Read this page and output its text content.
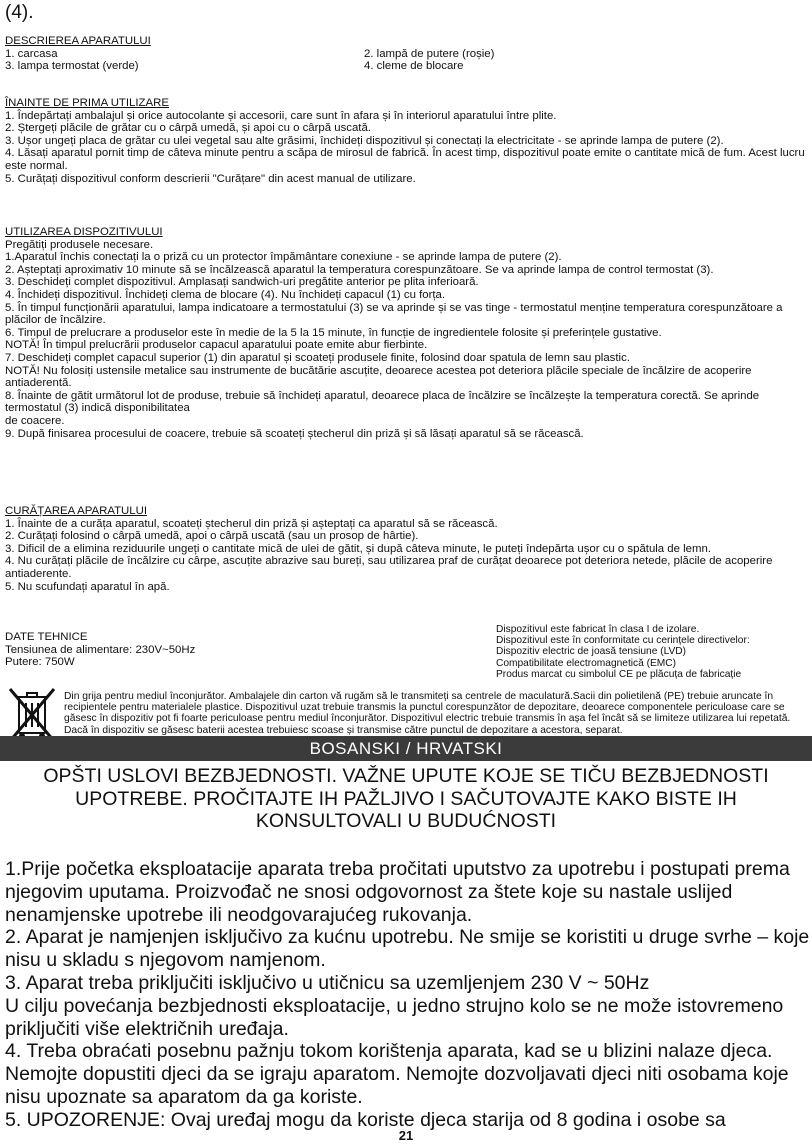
(4).

DESCRIEREA APARATULUI

1. carcasa	2. lampă de putere (roșie)
3. lampa termostat (verde)	4. cleme de blocare

ÎNAINTE DE PRIMA UTILIZARE

1. Îndepărtați ambalajul și orice autocolante și accesorii, care sunt în afara și în interiorul aparatului între plite.

2. Ștergeți plăcile de grătar cu o cârpă umedă, și apoi cu o cârpă uscată.

3. Ușor ungeți placa de grătar cu ulei vegetal sau alte grăsimi, închideți dispozitivul și conectați la electricitate - se aprinde lampa de putere (2).

4. Lăsați aparatul pornit timp de câteva minute pentru a scăpa de mirosul de fabrică. În acest timp, dispozitivul poate emite o cantitate mică de fum. Acest lucru este normal.

5. Curățați dispozitivul conform descrierii "Curățare" din acest manual de utilizare.

UTILIZAREA DISPOZITIVULUI

Pregătiți produsele necesare.

1.Aparatul închis conectați la o priză cu un protector împământare conexiune - se aprinde lampa de putere (2).

2. Așteptați aproximativ 10 minute să se încălzească aparatul la temperatura corespunzătoare. Se va aprinde lampa de control termostat (3).

3. Deschideți complet dispozitivul. Amplasați sandwich-uri pregătite anterior pe plita inferioară.

4. Închideți dispozitivul. Închideți clema de blocare (4). Nu închideți capacul (1) cu forța.

5. În timpul funcționării aparatului, lampa indicatoare a termostatului (3) se va aprinde și se vas tinge - termostatul menține temperatura corespunzătoare a plăcilor de încălzire.

6. Timpul de prelucrare a produselor este în medie de la 5 la 15 minute, în funcție de ingredientele folosite și preferințele gustative.

NOTĂ! În timpul prelucrării produselor capacul aparatului poate emite abur fierbinte.

7. Deschideți complet capacul superior (1) din aparatul și scoateți produsele finite, folosind doar spatula de lemn sau plastic.

NOTĂ! Nu folosiți ustensile metalice sau instrumente de bucătărie ascuțite, deoarece acestea pot deteriora plăcile speciale de încălzire de acoperire antiaderentă.

8. Înainte de gătit următorul lot de produse, trebuie să închideți aparatul, deoarece placa de încălzire se încălzește la temperatura corectă. Se aprinde termostatul (3) indică disponibilitatea

de coacere.

9. După finisarea procesului de coacere, trebuie să scoateți ștecherul din priză și să lăsați aparatul să se răcească.

CURĂȚAREA APARATULUI

1. Înainte de a curăța aparatul, scoateți ștecherul din priză și așteptați ca aparatul să se răcească.

2. Curățați folosind o cârpă umedă, apoi o cârpă uscată (sau un prosop de hârtie).

3. Dificil de a elimina reziduurile ungeți o cantitate mică de ulei de gătit, și după câteva minute, le puteți îndepărta ușor cu o spătula de lemn.

4. Nu curățați plăcile de încălzire cu cârpe, ascuțite abrazive sau bureți, sau utilizarea praf de curățat deoarece pot deteriora netede, plăcile de acoperire antiaderente.

5. Nu scufundați aparatul în apă.

DATE TEHNICE

Tensiunea de alimentare: 230V~50Hz

Putere: 750W

Dispozitivul este fabricat în clasa I de izolare.

Dispozitivul este în conformitate cu cerințele directivelor:

Dispozitiv electric de joasă tensiune (LVD)

Compatibilitate electromagnetică (EMC)

Produs marcat cu simbolul CE pe plăcuța de fabricație

Din grija pentru mediul înconjurător. Ambalajele din carton vă rugăm să le transmiteți sa centrele de maculatură.Sacii din polietilenă (PE) trebuie aruncate în recipientele pentru materialele plastice. Dispozitivul uzat trebuie transmis la punctul corespunzător de depozitare, deoarece componentele periculoase care se găsesc în dispozitiv pot fi foarte periculoase pentru mediul înconjurător. Dispozitivul electric trebuie transmis în așa fel încât să se limiteze utilizarea lui repetată. Dacă în dispozitiv se găsesc baterii acestea trebuiesc scoase și transmise către punctul de depozitare a acestora, separat.
BOSANSKI / HRVATSKI

OPŠTI USLOVI BEZBJEDNOSTI. VAŽNE UPUTE KOJE SE TIČU BEZBJEDNOSTI

UPOTREBE. PROČITAJTE IH PAŽLJIVO I SAČUTOVAJTE KAKO BISTE IH

KONSULTOVALI U BUDUĆNOSTI

1.Prije početka eksploatacije aparata treba pročitati uputstvo za upotrebu i postupati prema njegovim uputama. Proizvođač ne snosi odgovornost za štete koje su nastale uslijed nenamjenske upotrebe ili neodgovarajućeg rukovanja.

2. Aparat je namjenjen isključivo za kućnu upotrebu. Ne smije se koristiti u druge svrhe – koje nisu u skladu s njegovom namjenom.

3. Aparat treba priključiti isključivo u utičnicu sa uzemljenjem 230 V ~ 50Hz

U cilju povećanja bezbjednosti eksploatacije, u jedno strujno kolo se ne može istovremeno priključiti više električnih uređaja.

4. Treba obraćati posebnu pažnju tokom korištenja aparata, kad se u blizini nalaze djeca. Nemojte dopustiti djeci da se igraju aparatom. Nemojte dozvoljavati djeci niti osobama koje nisu upoznate sa aparatom da ga koriste.

5. UPOZORENJE: Ovaj uređaj mogu da koriste djeca starija od 8 godina i osobe sa

21
